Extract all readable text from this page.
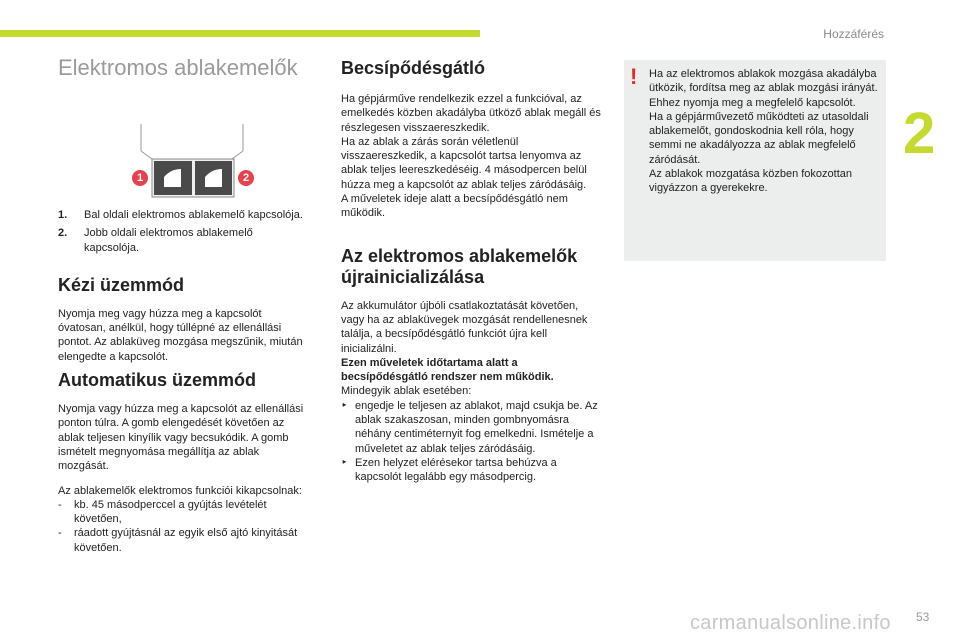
Hozzáférés
2
Elektromos ablakemelők
1	2
1.	Bal oldali elektromos ablakemelő kapcsolója.
2.	Jobb oldali elektromos ablakemelő kapcsolója.
Kézi üzemmód

Nyomja meg vagy húzza meg a kapcsolót óvatosan, anélkül, hogy túllépné az ellenállási pontot. Az ablaküveg mozgása megszűnik, miután elengedte a kapcsolót.

Automatikus üzemmód

Nyomja vagy húzza meg a kapcsolót az ellenállási ponton túlra. A gomb elengedését követően az ablak teljesen kinyílik vagy becsukódik. A gomb ismételt megnyomása megállítja az ablak mozgását.

Az ablakemelők elektromos funkciói kikapcsolnak:

-	kb. 45 másodperccel a gyújtás levételét követően,
-	ráadott gyújtásnál az egyik első ajtó kinyitását követően.
Becsípődésgátló

Ha gépjárműve rendelkezik ezzel a funkcióval, az emelkedés közben akadályba ütköző ablak megáll és részlegesen visszaereszkedik.

Ha az ablak a zárás során véletlenül visszaereszkedik, a kapcsolót tartsa lenyomva az ablak teljes leereszkedéséig. 4 másodpercen belül húzza meg a kapcsolót az ablak teljes záródásáig.

A műveletek ideje alatt a becsípődésgátló nem működik.

Az elektromos ablakemelők újrainicializálása

Az akkumulátor újbóli csatlakoztatását követően, vagy ha az ablaküvegek mozgását rendellenesnek találja, a becsípődésgátló funkciót újra kell inicializálni.

Ezen műveletek időtartama alatt a becsípődésgátló rendszer nem működik.

Mindegyik ablak esetében:

‣ engedje le teljesen az ablakot, majd csukja be. Az ablak szakaszosan, minden gombnyomásra néhány centiméternyit fog emelkedni. Ismételje a műveletet az ablak teljes záródásáig.
‣ Ezen helyzet elérésekor tartsa behúzva a kapcsolót legalább egy másodpercig.
! Ha az elektromos ablakok mozgása akadályba ütközik, fordítsa meg az ablak mozgási irányát. Ehhez nyomja meg a megfelelő kapcsolót.
Ha a gépjárművezető működteti az utasoldali ablakemelőt, gondoskodnia kell róla, hogy semmi ne akadályozza az ablak megfelelő záródását.
Az ablakok mozgatása közben fokozottan vigyázzon a gyerekekre.
carmanualsonline.info 53
